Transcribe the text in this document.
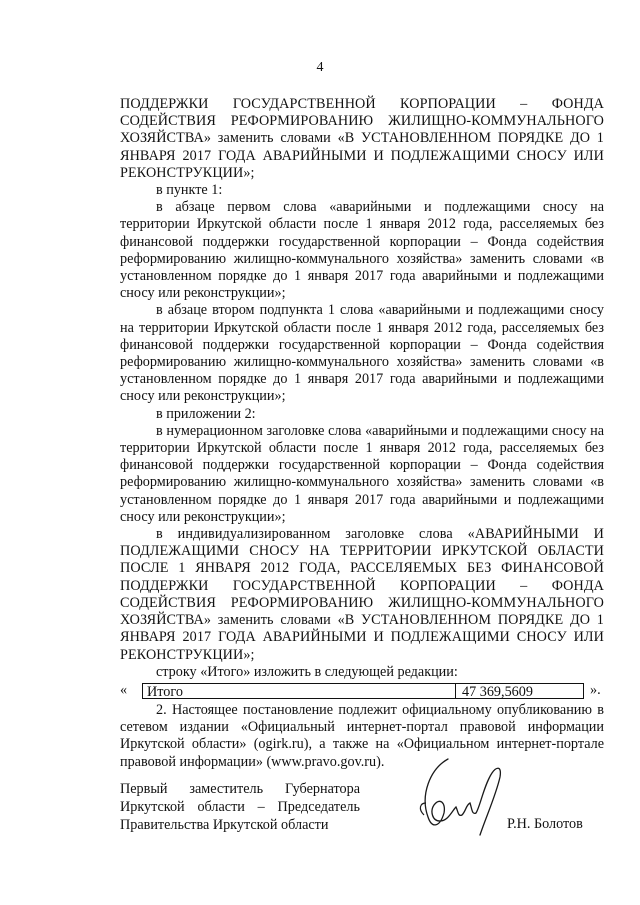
4

ПОДДЕРЖКИ ГОСУДАРСТВЕННОЙ КОРПОРАЦИИ – ФОНДА СОДЕЙСТВИЯ РЕФОРМИРОВАНИЮ ЖИЛИЩНО-КОММУНАЛЬНОГО ХОЗЯЙСТВА» заменить словами «В УСТАНОВЛЕННОМ ПОРЯДКЕ ДО 1 ЯНВАРЯ 2017 ГОДА АВАРИЙНЫМИ И ПОДЛЕЖАЩИМИ СНОСУ ИЛИ РЕКОНСТРУКЦИИ»;

в пункте 1:

в абзаце первом слова «аварийными и подлежащими сносу на территории Иркутской области после 1 января 2012 года, расселяемых без финансовой поддержки государственной корпорации – Фонда содействия реформированию жилищно-коммунального хозяйства» заменить словами «в установленном порядке до 1 января 2017 года аварийными и подлежащими сносу или реконструкции»;

в абзаце втором подпункта 1 слова «аварийными и подлежащими сносу на территории Иркутской области после 1 января 2012 года, расселяемых без финансовой поддержки государственной корпорации – Фонда содействия реформированию жилищно-коммунального хозяйства» заменить словами «в установленном порядке до 1 января 2017 года аварийными и подлежащими сносу или реконструкции»;

в приложении 2:

в нумерационном заголовке слова «аварийными и подлежащими сносу на территории Иркутской области после 1 января 2012 года, расселяемых без финансовой поддержки государственной корпорации – Фонда содействия реформированию жилищно-коммунального хозяйства» заменить словами «в установленном порядке до 1 января 2017 года аварийными и подлежащими сносу или реконструкции»;

в индивидуализированном заголовке слова «АВАРИЙНЫМИ И ПОДЛЕЖАЩИМИ СНОСУ НА ТЕРРИТОРИИ ИРКУТСКОЙ ОБЛАСТИ ПОСЛЕ 1 ЯНВАРЯ 2012 ГОДА, РАССЕЛЯЕМЫХ БЕЗ ФИНАНСОВОЙ ПОДДЕРЖКИ ГОСУДАРСТВЕННОЙ КОРПОРАЦИИ – ФОНДА СОДЕЙСТВИЯ РЕФОРМИРОВАНИЮ ЖИЛИЩНО-КОММУНАЛЬНОГО ХОЗЯЙСТВА» заменить словами «В УСТАНОВЛЕННОМ ПОРЯДКЕ ДО 1 ЯНВАРЯ 2017 ГОДА АВАРИЙНЫМИ И ПОДЛЕЖАЩИМИ СНОСУ ИЛИ РЕКОНСТРУКЦИИ»;

строку «Итого» изложить в следующей редакции:

«	Итого	47 369,5609	».

2. Настоящее постановление подлежит официальному опубликованию в сетевом издании «Официальный интернет-портал правовой информации Иркутской области» (ogirk.ru), а также на «Официальном интернет-портале правовой информации» (www.pravo.gov.ru).

Первый заместитель Губернатора
Иркутской области – Председатель
Правительства Иркутской области	Р.Н. Болотов
